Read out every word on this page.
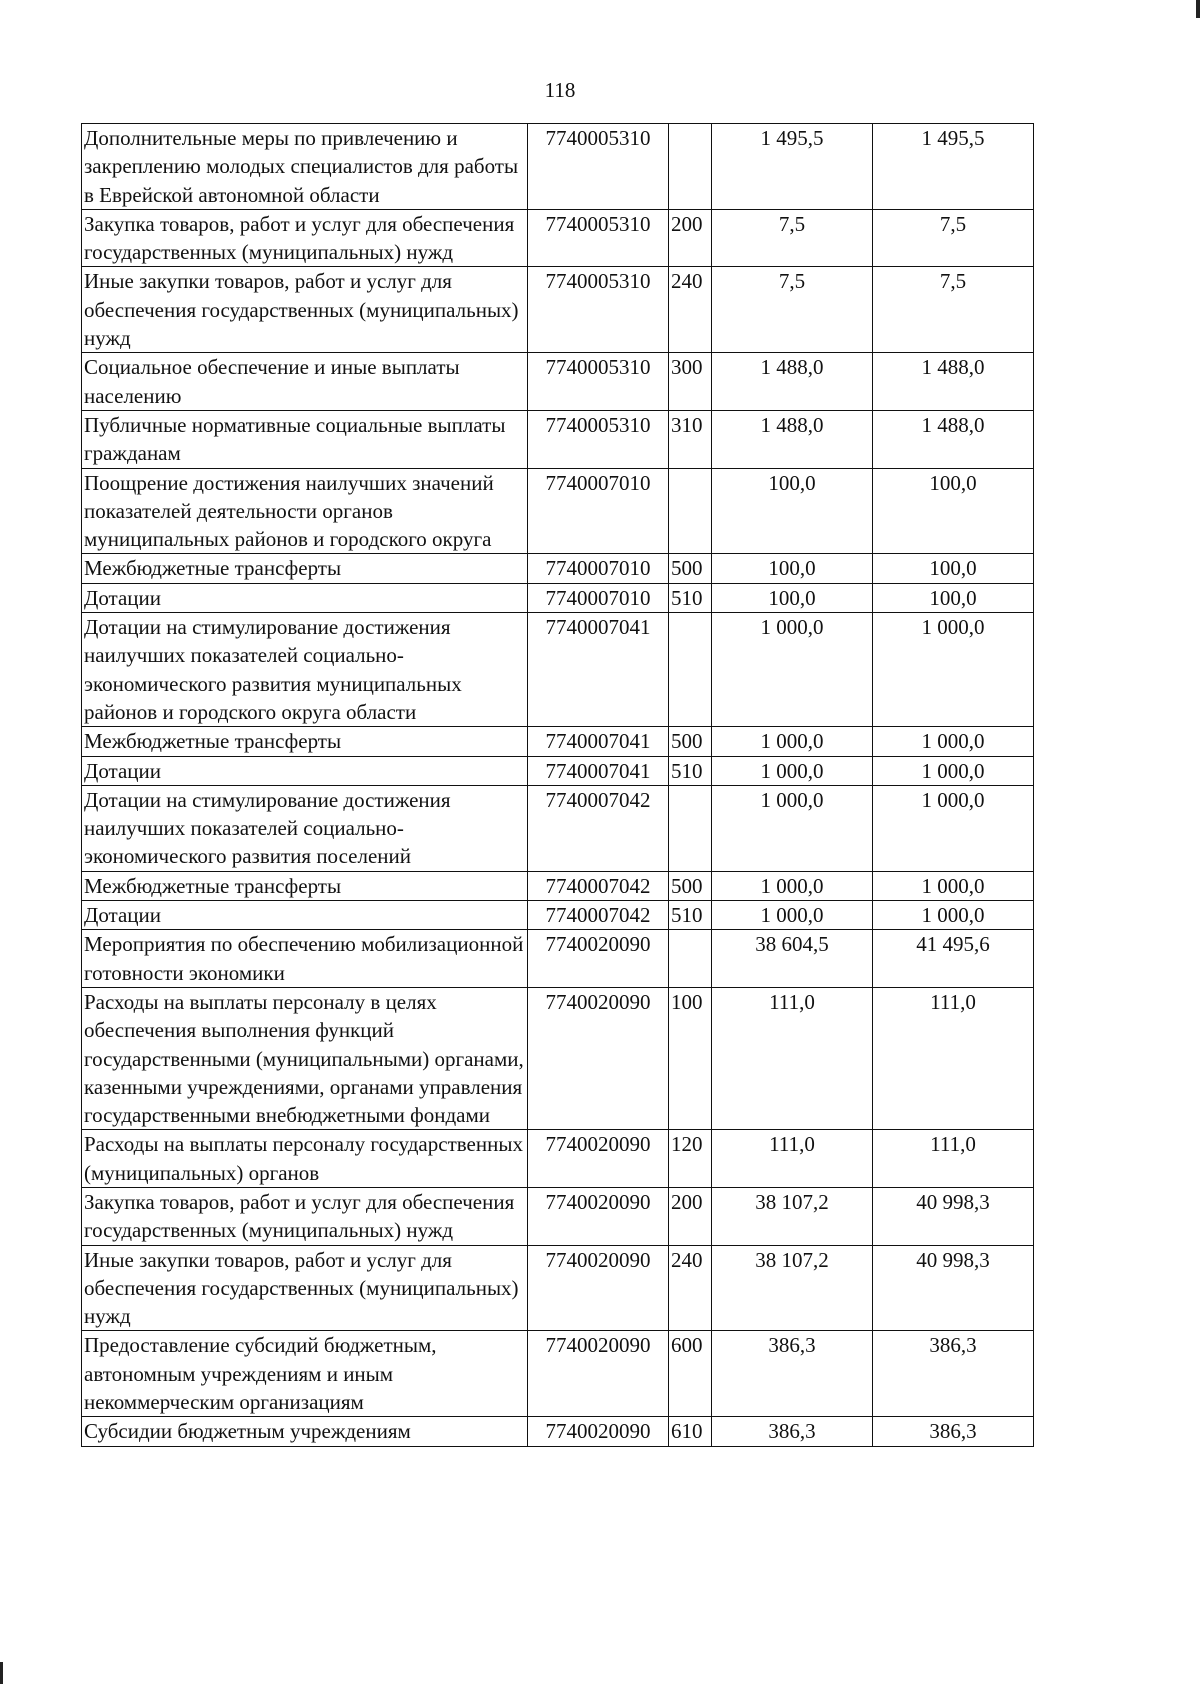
118
Дополнительные меры по привлечению и закреплению молодых специалистов для работы в Еврейской автономной области	7740005310		1 495,5	1 495,5
Закупка товаров, работ и услуг для обеспечения государственных (муниципальных) нужд	7740005310	200	7,5	7,5
Иные закупки товаров, работ и услуг для обеспечения государственных (муниципальных) нужд	7740005310	240	7,5	7,5
Социальное обеспечение и иные выплаты населению	7740005310	300	1 488,0	1 488,0
Публичные нормативные социальные выплаты гражданам	7740005310	310	1 488,0	1 488,0
Поощрение достижения наилучших значений показателей деятельности органов муниципальных районов и городского округа	7740007010		100,0	100,0
Межбюджетные трансферты	7740007010	500	100,0	100,0
Дотации	7740007010	510	100,0	100,0
Дотации на стимулирование достижения наилучших показателей социально-экономического развития муниципальных районов и городского округа области	7740007041		1 000,0	1 000,0
Межбюджетные трансферты	7740007041	500	1 000,0	1 000,0
Дотации	7740007041	510	1 000,0	1 000,0
Дотации на стимулирование достижения наилучших показателей социально-экономического развития поселений	7740007042		1 000,0	1 000,0
Межбюджетные трансферты	7740007042	500	1 000,0	1 000,0
Дотации	7740007042	510	1 000,0	1 000,0
Мероприятия по обеспечению мобилизационной готовности экономики	7740020090		38 604,5	41 495,6
Расходы на выплаты персоналу в целях обеспечения выполнения функций государственными (муниципальными) органами, казенными учреждениями, органами управления государственными внебюджетными фондами	7740020090	100	111,0	111,0
Расходы на выплаты персоналу государственных (муниципальных) органов	7740020090	120	111,0	111,0
Закупка товаров, работ и услуг для обеспечения государственных (муниципальных) нужд	7740020090	200	38 107,2	40 998,3
Иные закупки товаров, работ и услуг для обеспечения государственных (муниципальных) нужд	7740020090	240	38 107,2	40 998,3
Предоставление субсидий бюджетным, автономным учреждениям и иным некоммерческим организациям	7740020090	600	386,3	386,3
Субсидии бюджетным учреждениям	7740020090	610	386,3	386,3
